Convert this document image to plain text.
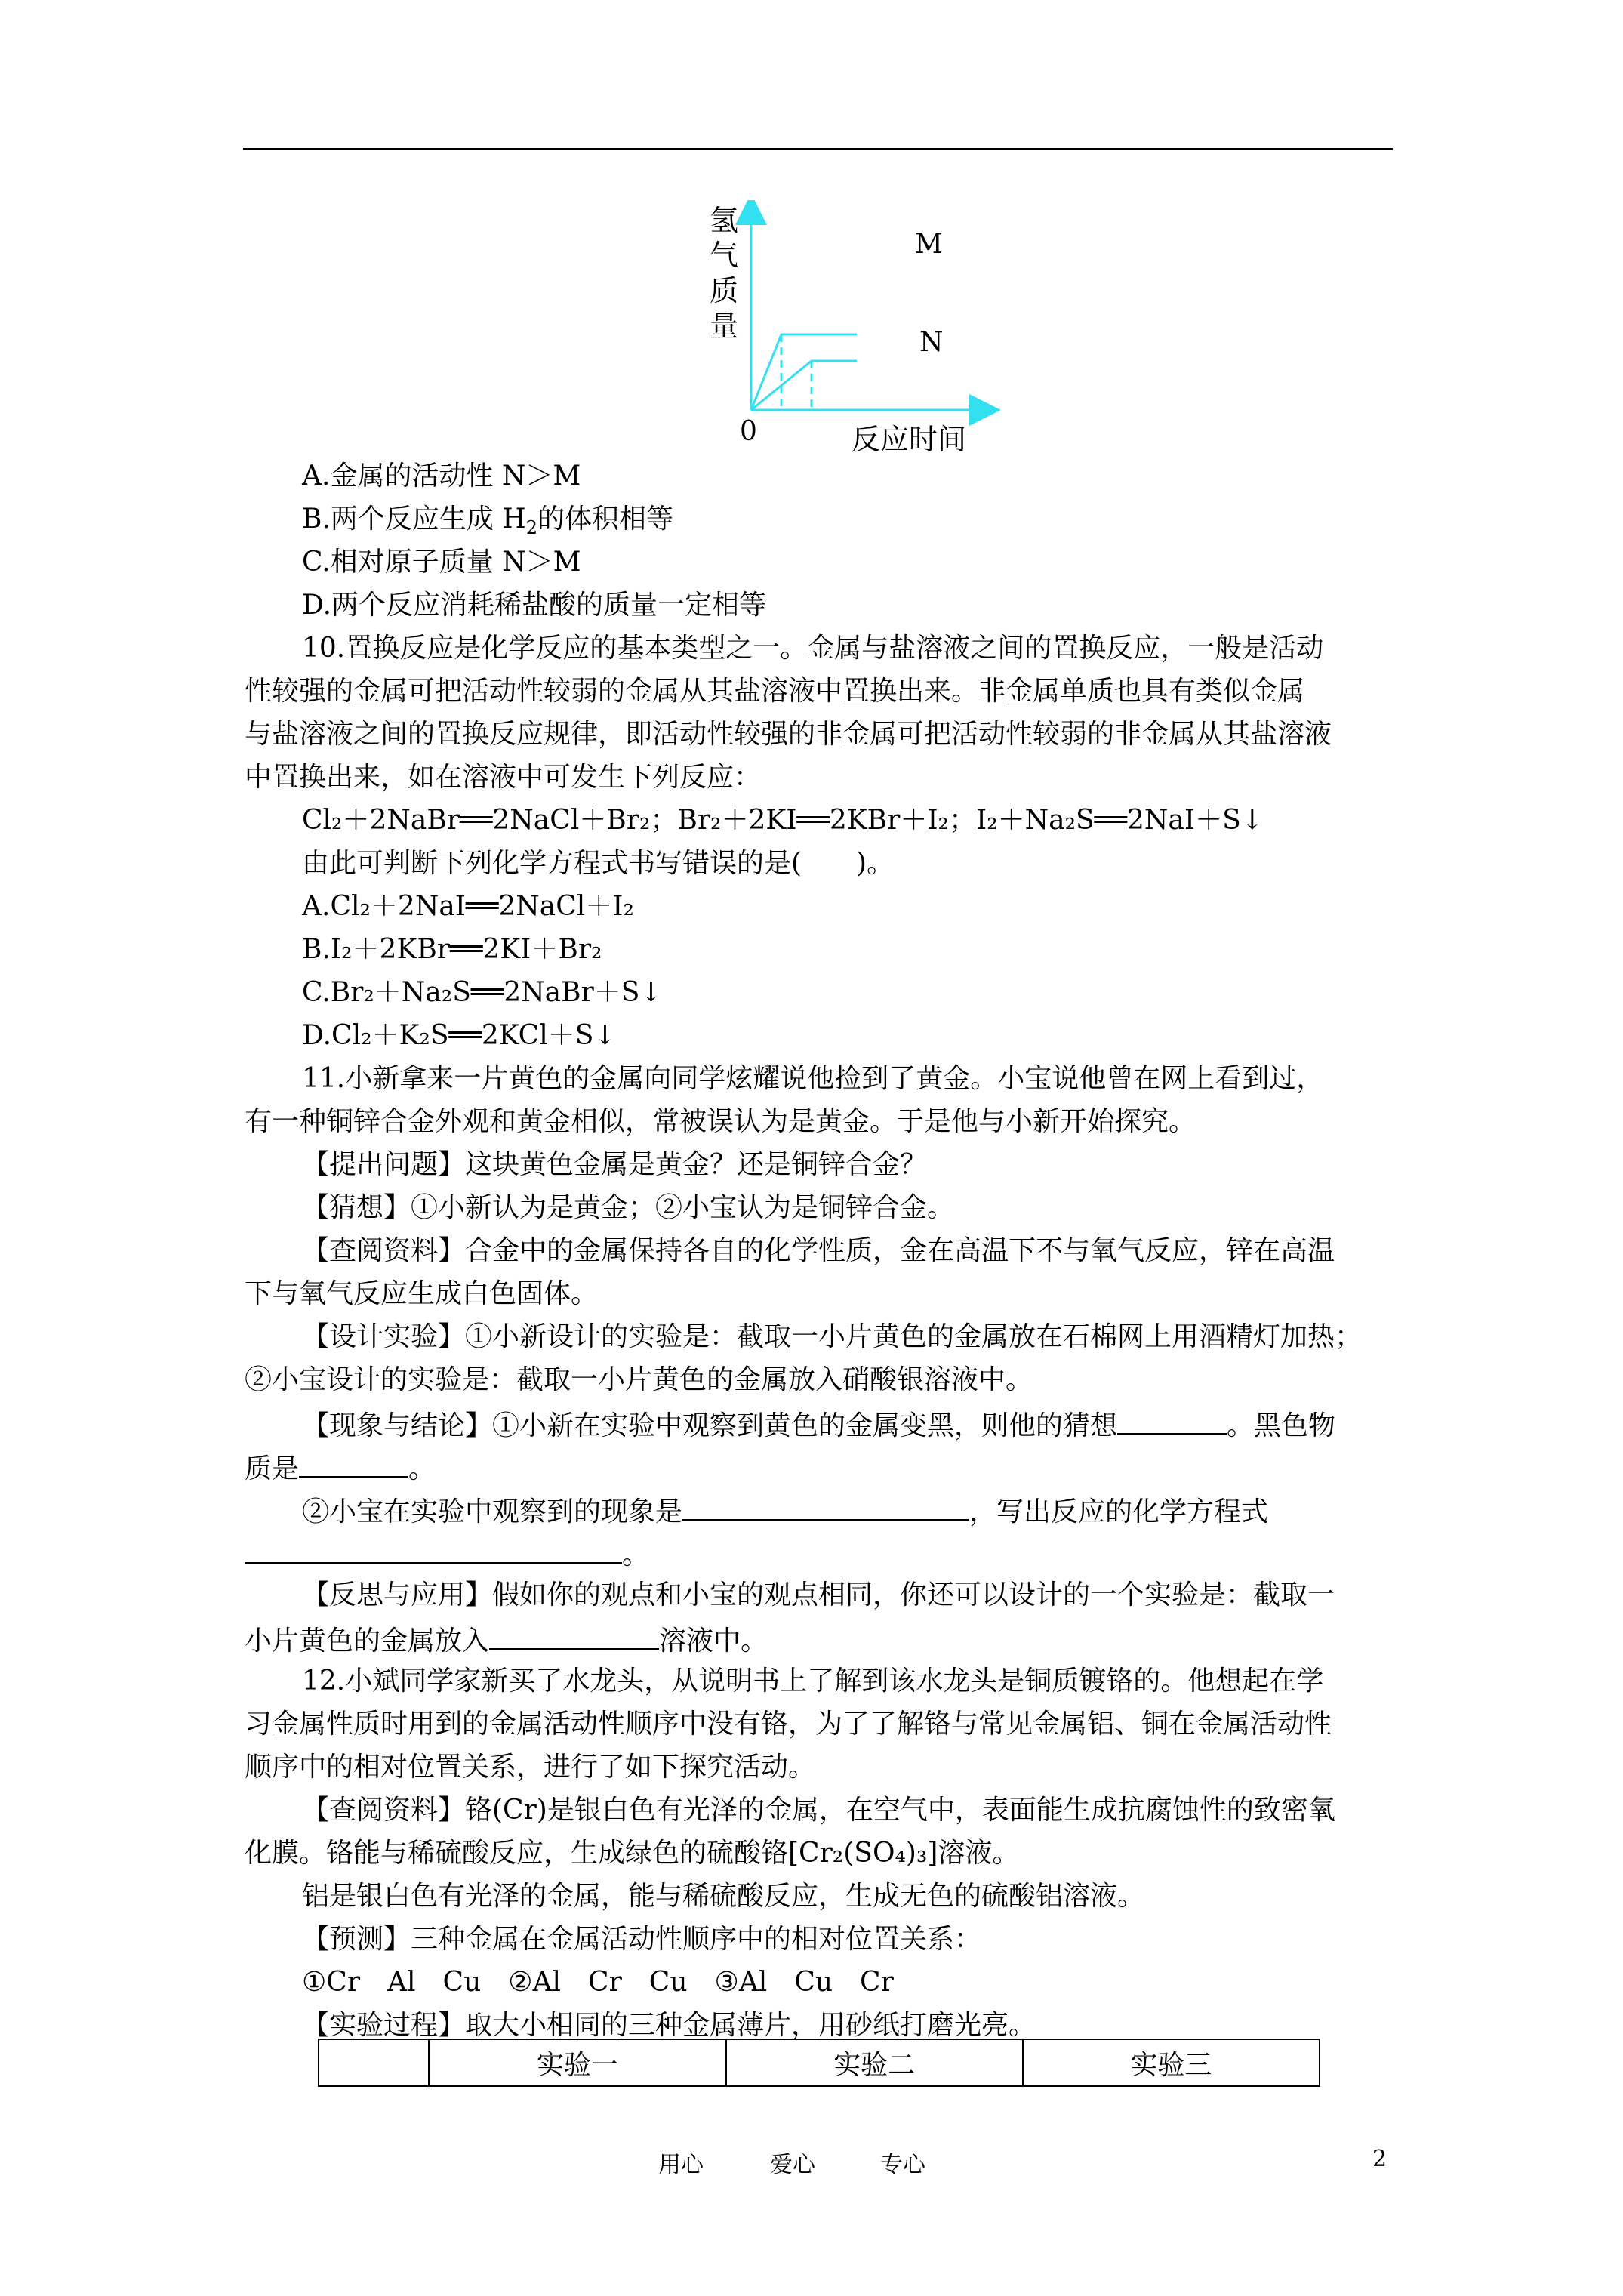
氢
气
质
量
0	反应时间
M
N
A.金属的活动性 N＞M
B.两个反应生成 $H_2$的体积相等
C.相对原子质量 N＞M
D.两个反应消耗稀盐酸的质量一定相等
10.置换反应是化学反应的基本类型之一。金属与盐溶液之间的置换反应，一般是活动
性较强的金属可把活动性较弱的金属从其盐溶液中置换出来。非金属单质也具有类似金属
与盐溶液之间的置换反应规律，即活动性较强的非金属可把活动性较弱的非金属从其盐溶液
中置换出来，如在溶液中可发生下列反应：
Cl₂＋2NaBr══2NaCl＋Br₂；Br₂＋2KI══2KBr＋I₂；I₂＋Na₂S══2NaI＋S↓
由此可判断下列化学方程式书写错误的是(　　)。
A.Cl₂＋2NaI══2NaCl＋I₂
B.I₂＋2KBr══2KI＋Br₂
C.Br₂＋Na₂S══2NaBr＋S↓
D.Cl₂＋K₂S══2KCl＋S↓
11.小新拿来一片黄色的金属向同学炫耀说他捡到了黄金。小宝说他曾在网上看到过，
有一种铜锌合金外观和黄金相似，常被误认为是黄金。于是他与小新开始探究。
【提出问题】这块黄色金属是黄金？还是铜锌合金？
【猜想】①小新认为是黄金；②小宝认为是铜锌合金。
【查阅资料】合金中的金属保持各自的化学性质，金在高温下不与氧气反应，锌在高温
下与氧气反应生成白色固体。
【设计实验】①小新设计的实验是：截取一小片黄色的金属放在石棉网上用酒精灯加热；
②小宝设计的实验是：截取一小片黄色的金属放入硝酸银溶液中。
【现象与结论】①小新在实验中观察到黄色的金属变黑，则他的猜想	。黑色物
质是	。
②小宝在实验中观察到的现象是	，写出反应的化学方程式
。
【反思与应用】假如你的观点和小宝的观点相同，你还可以设计的一个实验是：截取一
小片黄色的金属放入	溶液中。
12.小斌同学家新买了水龙头，从说明书上了解到该水龙头是铜质镀铬的。他想起在学
习金属性质时用到的金属活动性顺序中没有铬，为了了解铬与常见金属铝、铜在金属活动性
顺序中的相对位置关系，进行了如下探究活动。
【查阅资料】铬(Cr)是银白色有光泽的金属，在空气中，表面能生成抗腐蚀性的致密氧
化膜。铬能与稀硫酸反应，生成绿色的硫酸铬[Cr₂(SO₄)₃]溶液。
铝是银白色有光泽的金属，能与稀硫酸反应，生成无色的硫酸铝溶液。
【预测】三种金属在金属活动性顺序中的相对位置关系：
①Cr　Al　Cu　②Al　Cr　Cu　③Al　Cu　Cr
【实验过程】取大小相同的三种金属薄片，用砂纸打磨光亮。
	实验一	实验二	实验三
用心	爱心	专心	2
